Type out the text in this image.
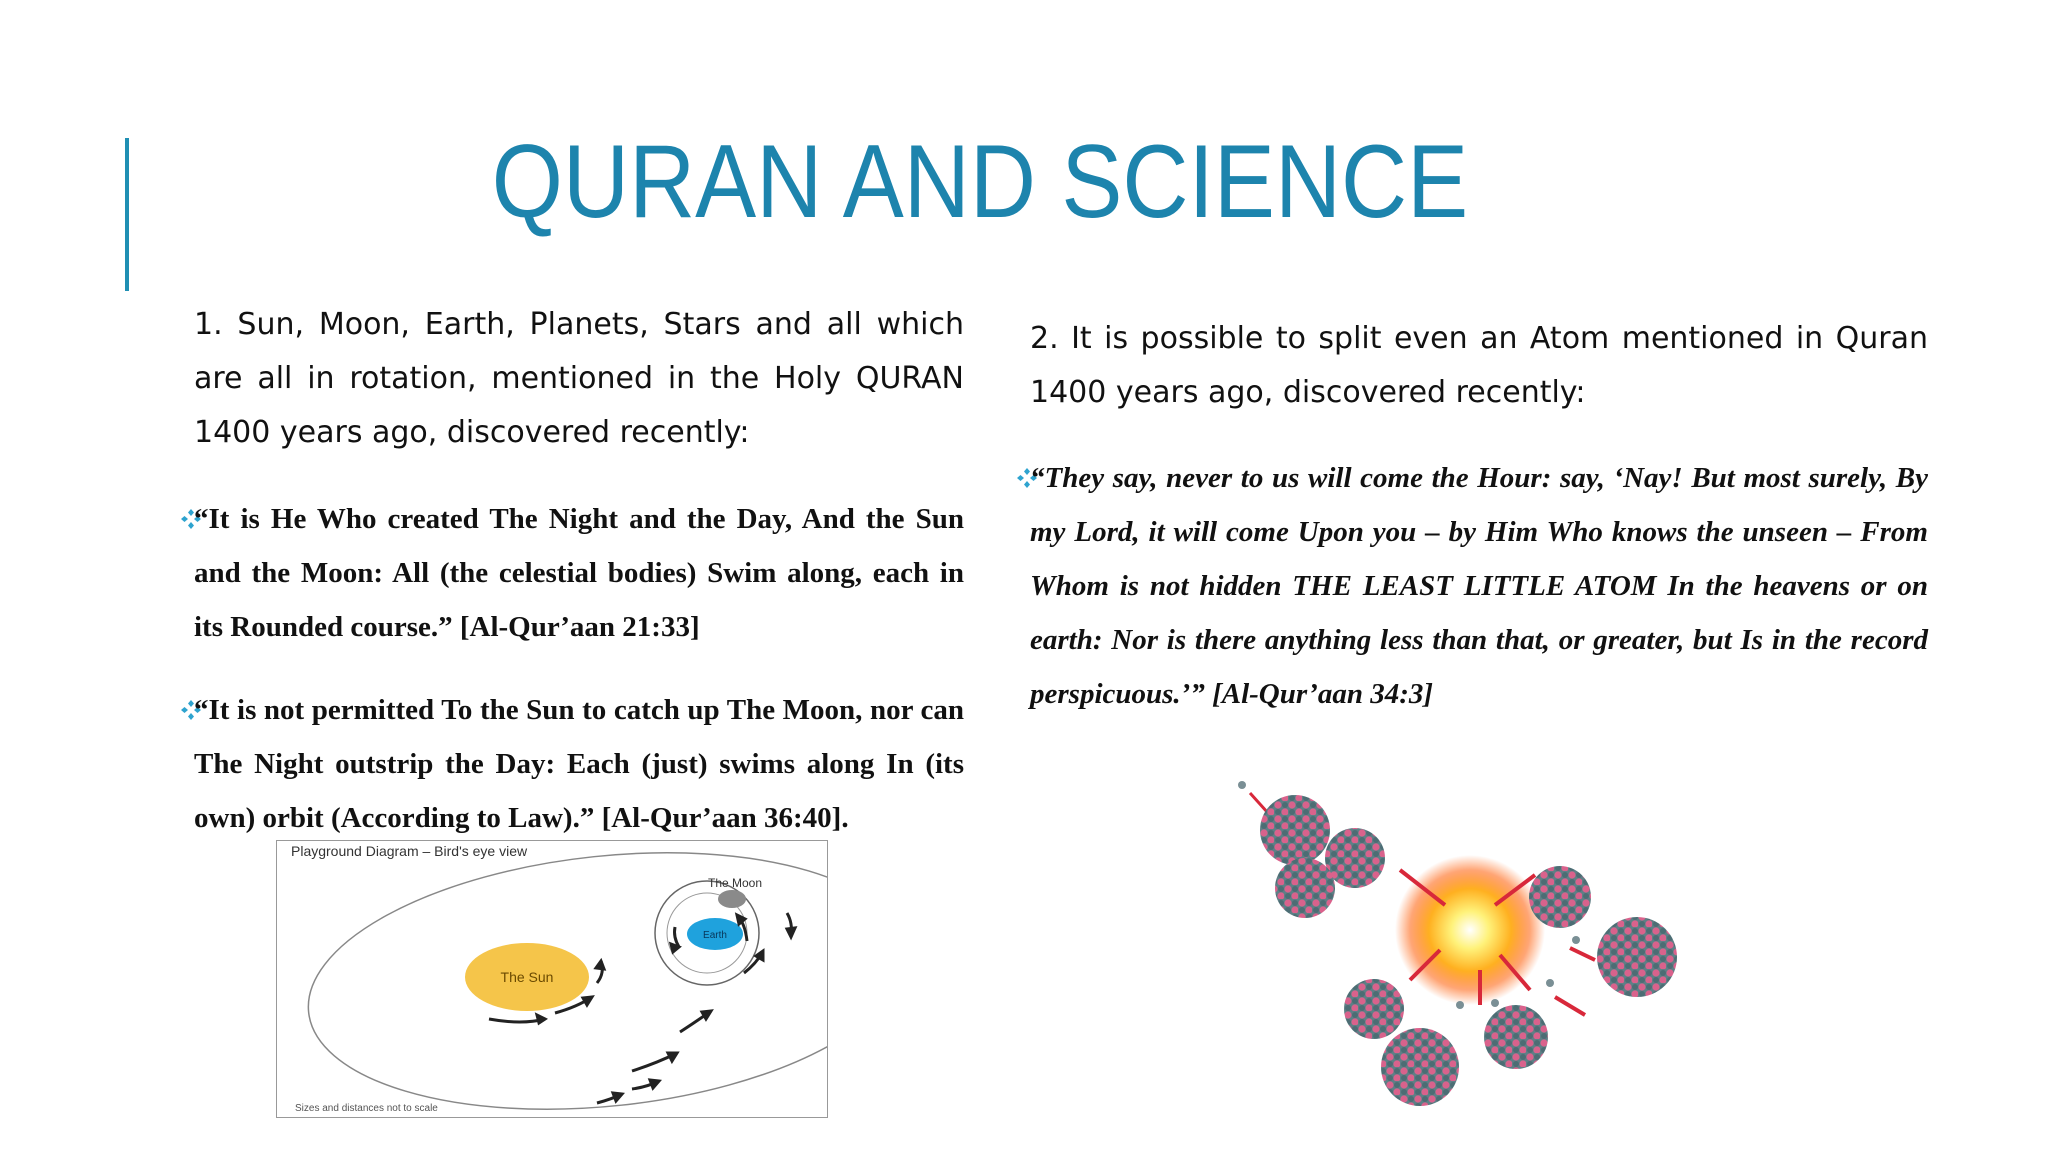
QURAN AND SCIENCE
1. Sun, Moon, Earth, Planets, Stars and all which are all in rotation, mentioned in the Holy QURAN 1400 years ago, discovered recently:
“It is He Who created The Night and the Day, And the Sun and the Moon: All (the celestial bodies) Swim along, each in its Rounded course.” [Al-Qur’aan 21:33]
“It is not permitted To the Sun to catch up The Moon, nor can The Night outstrip the Day: Each (just) swims along In (its own) orbit (According to Law).” [Al-Qur’aan 36:40].
Playground Diagram – Bird's eye view
The Sun
Earth
The Moon
Sizes and distances not to scale
2. It is possible to split even an Atom mentioned in Quran 1400 years ago, discovered recently:
“They say, never to us will come the Hour: say, ‘Nay! But most surely, By my Lord, it will come Upon you – by Him Who knows the unseen – From Whom is not hidden THE LEAST LITTLE ATOM In the heavens or on earth: Nor is there anything less than that, or greater, but Is in the record perspicuous.’” [Al-Qur’aan 34:3]
